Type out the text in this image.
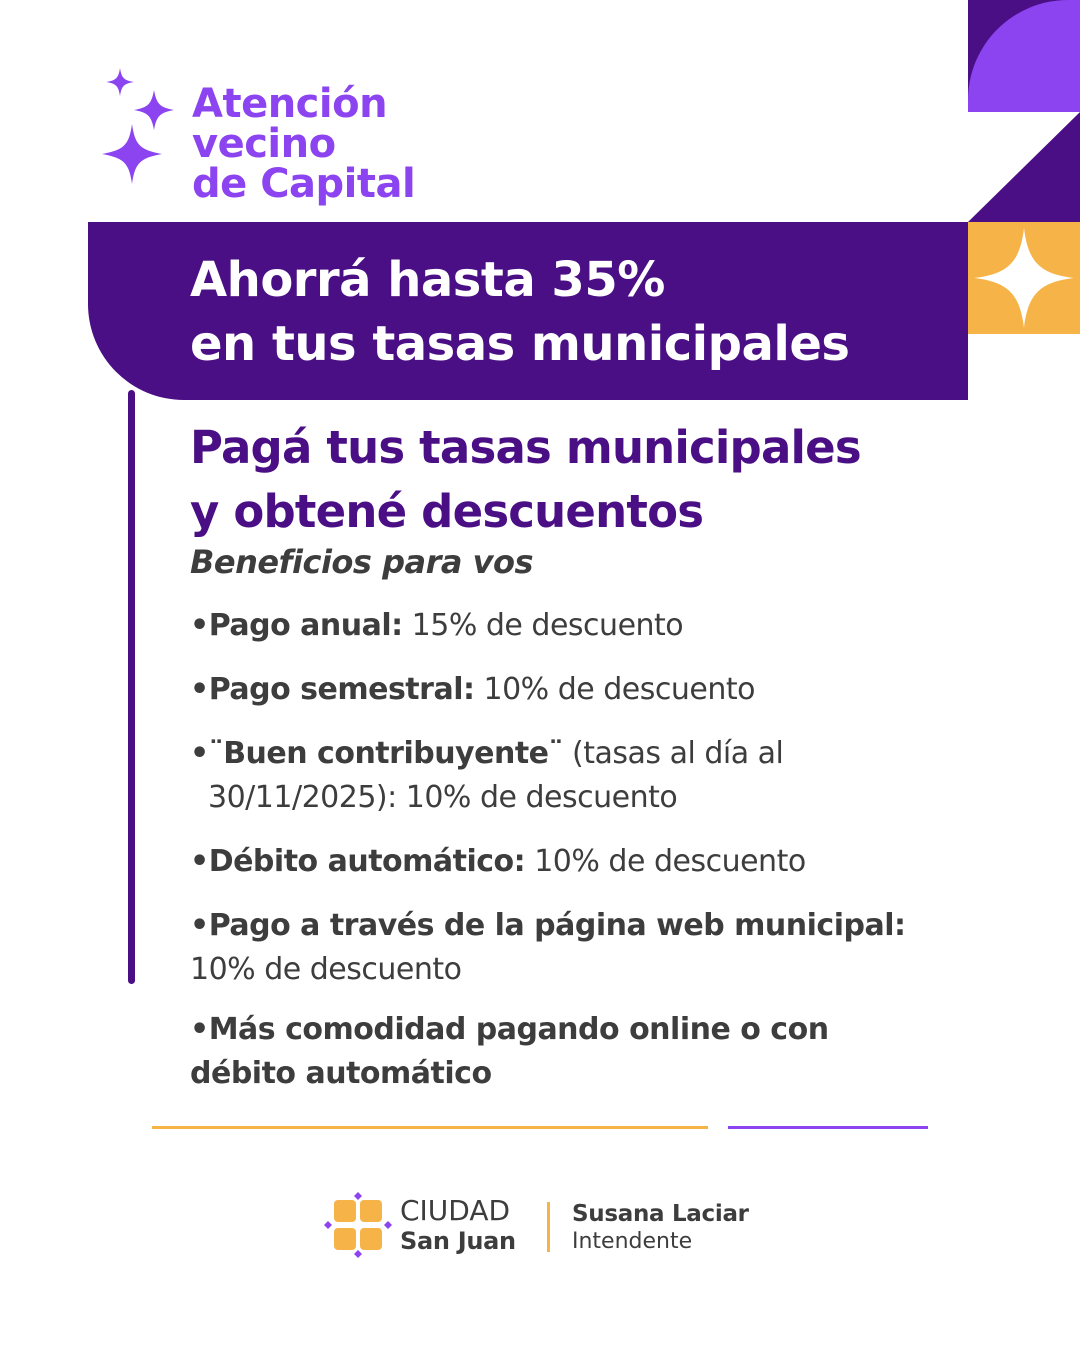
Atención
vecino
de Capital
Ahorrá hasta 35%
en tus tasas municipales
Pagá tus tasas municipales
y obtené descuentos

Beneficios para vos

•Pago anual: 15% de descuento
•Pago semestral: 10% de descuento
•¨Buen contribuyente¨ (tasas al día al
30/11/2025): 10% de descuento
•Débito automático: 10% de descuento
•Pago a través de la página web municipal:
10% de descuento
•Más comodidad pagando online o con
débito automático
CIUDAD
San Juan
Susana Laciar
Intendente
